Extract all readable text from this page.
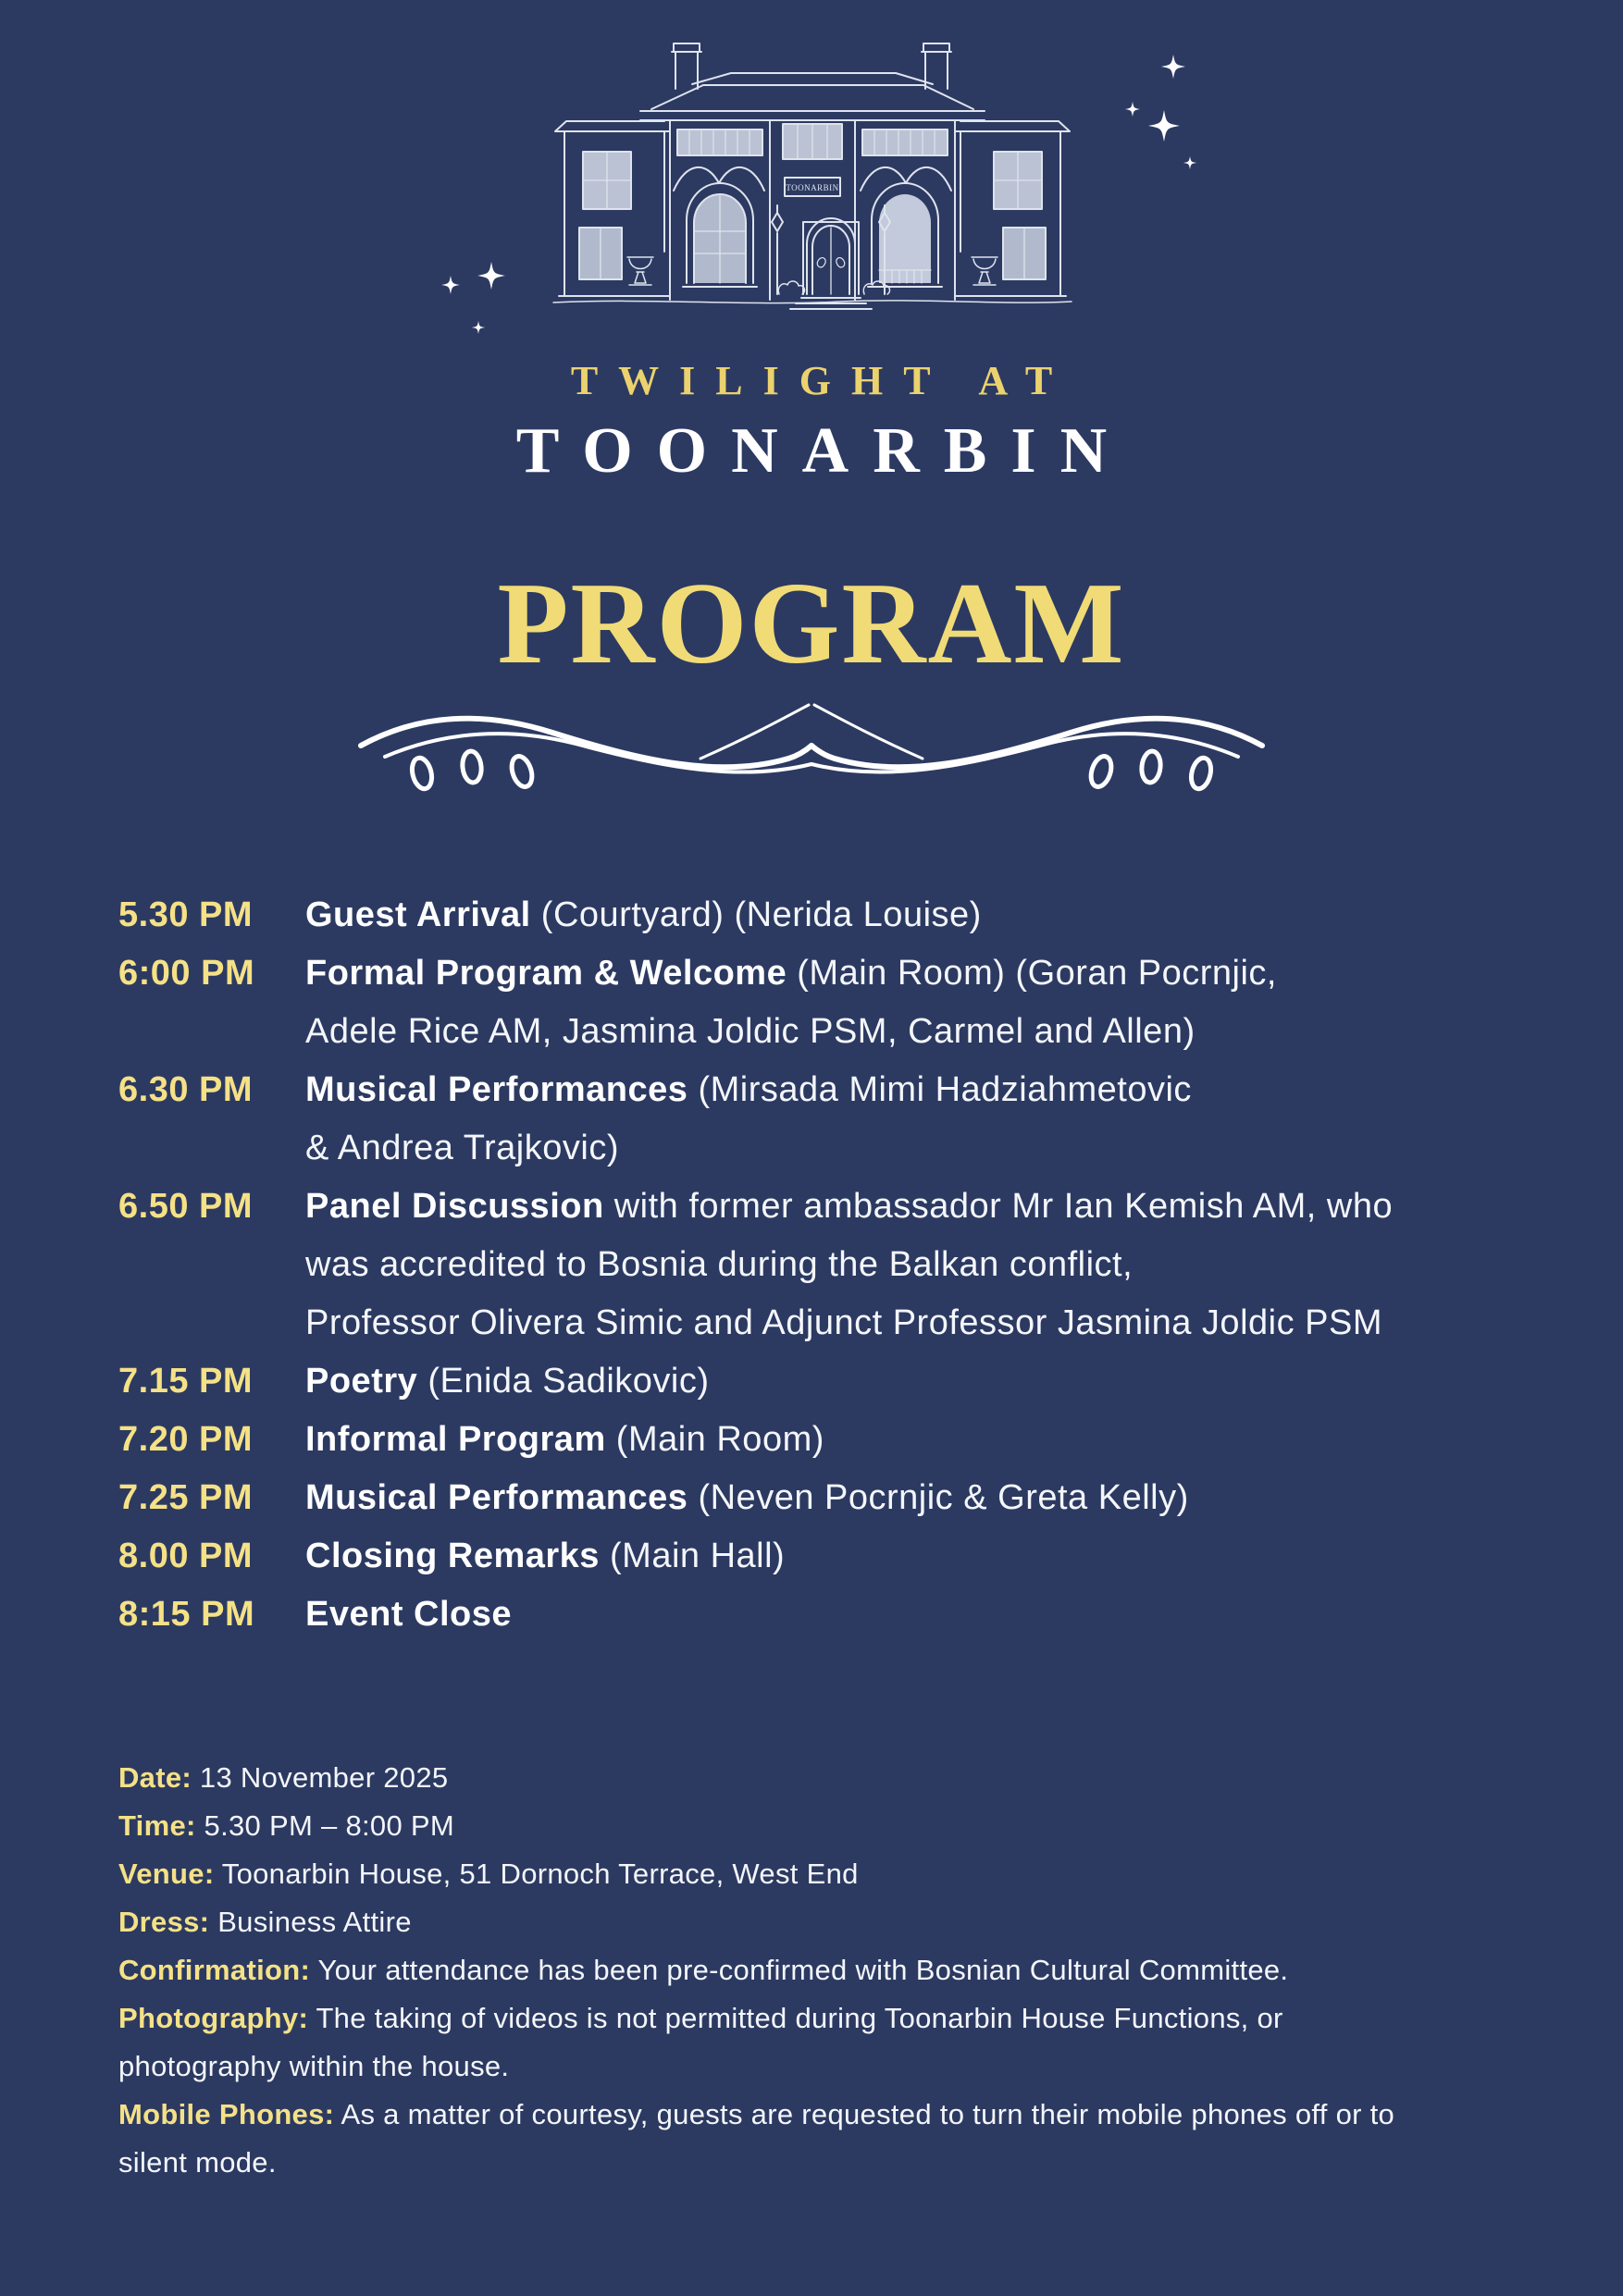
TOONARBIN
TWILIGHT AT
TOONARBIN
PROGRAM
5.30 PM	Guest Arrival (Courtyard) (Nerida Louise)
6:00 PM	Formal Program & Welcome (Main Room) (Goran Pocrnjic,
Adele Rice AM, Jasmina Joldic PSM, Carmel and Allen)
6.30 PM	Musical Performances (Mirsada Mimi Hadziahmetovic
& Andrea Trajkovic)
6.50 PM	Panel Discussion with former ambassador Mr Ian Kemish AM, who
was accredited to Bosnia during the Balkan conflict,
Professor Olivera Simic and Adjunct Professor Jasmina Joldic PSM
7.15 PM	Poetry (Enida Sadikovic)
7.20 PM	Informal Program (Main Room)
7.25 PM	Musical Performances (Neven Pocrnjic & Greta Kelly)
8.00 PM	Closing Remarks (Main Hall)
8:15 PM	Event Close

Date: 13 November 2025

Time: 5.30 PM – 8:00 PM

Venue: Toonarbin House, 51 Dornoch Terrace, West End

Dress: Business Attire

Confirmation: Your attendance has been pre-confirmed with Bosnian Cultural Committee.

Photography: The taking of videos is not permitted during Toonarbin House Functions, or photography within the house.

Mobile Phones: As a matter of courtesy, guests are requested to turn their mobile phones off or to silent mode.
